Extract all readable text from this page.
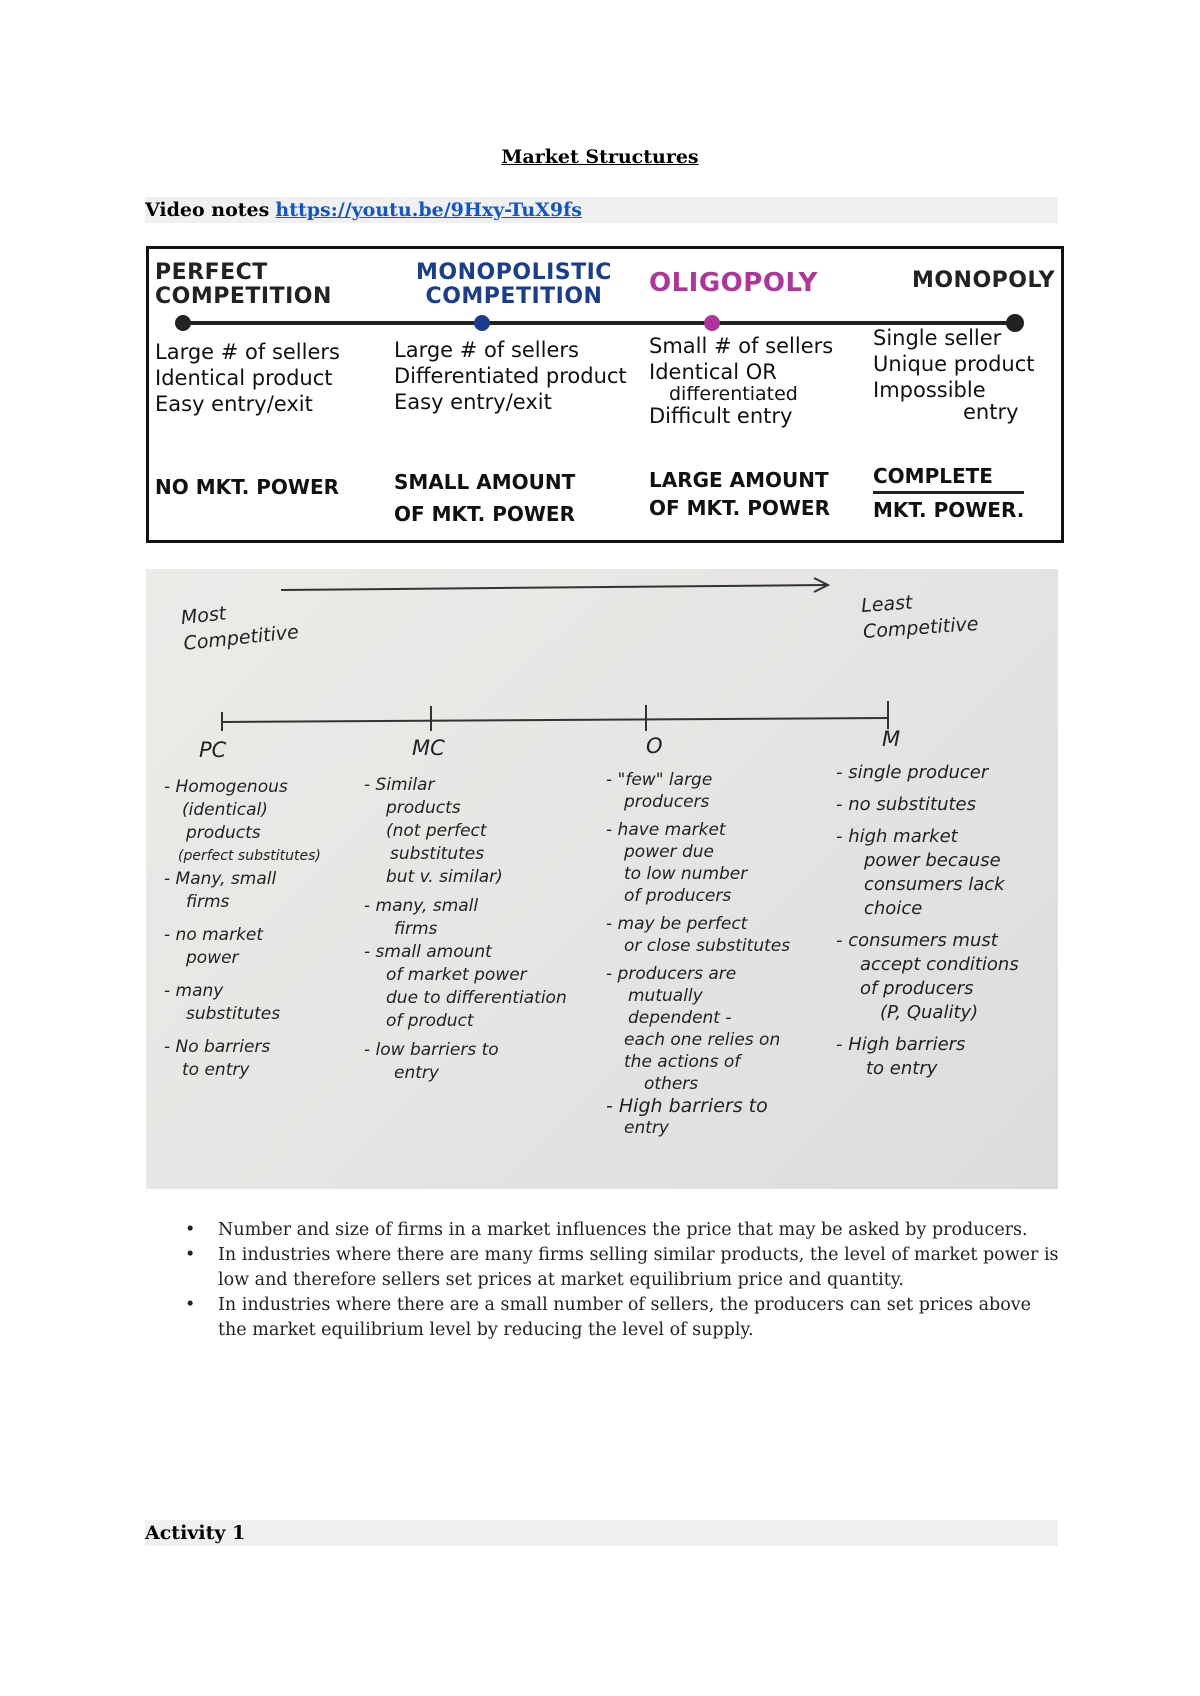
Market Structures
Video notes https://youtu.be/9Hxy-TuX9fs
PERFECT
COMPETITION
Large # of sellers
Identical product
Easy entry/exit
NO MKT. POWER
MONOPOLISTIC
COMPETITION
Large # of sellers
Differentiated product
Easy entry/exit
SMALL AMOUNT
OF MKT. POWER
OLIGOPOLY
Small # of sellers
Identical OR
differentiated
Difficult entry
LARGE AMOUNT
OF MKT. POWER
MONOPOLY
Single seller
Unique product
Impossible
entry
COMPLETE
MKT. POWER.
Most
Competitive
Least
Competitive
PC
- Homogenous
(identical)
products
(perfect substitutes)
- Many, small
firms
- no market
power
- many
substitutes
- No barriers
to entry
MC
- Similar
products
(not perfect
substitutes
but v. similar)
- many, small
firms
- small amount
of market power
due to differentiation
of product
- low barriers to
entry
O
- "few" large
producers
- have market
power due
to low number
of producers
- may be perfect
or close substitutes
- producers are
mutually
dependent -
each one relies on
the actions of
others
- High barriers to
entry
M
- single producer
- no substitutes
- high market
power because
consumers lack
choice
- consumers must
accept conditions
of producers
(P, Quality)
- High barriers
to entry
• Number and size of firms in a market influences the price that may be asked by producers.
• In industries where there are many firms selling similar products, the level of market power is low and therefore sellers set prices at market equilibrium price and quantity.
• In industries where there are a small number of sellers, the producers can set prices above the market equilibrium level by reducing the level of supply.
Activity 1
